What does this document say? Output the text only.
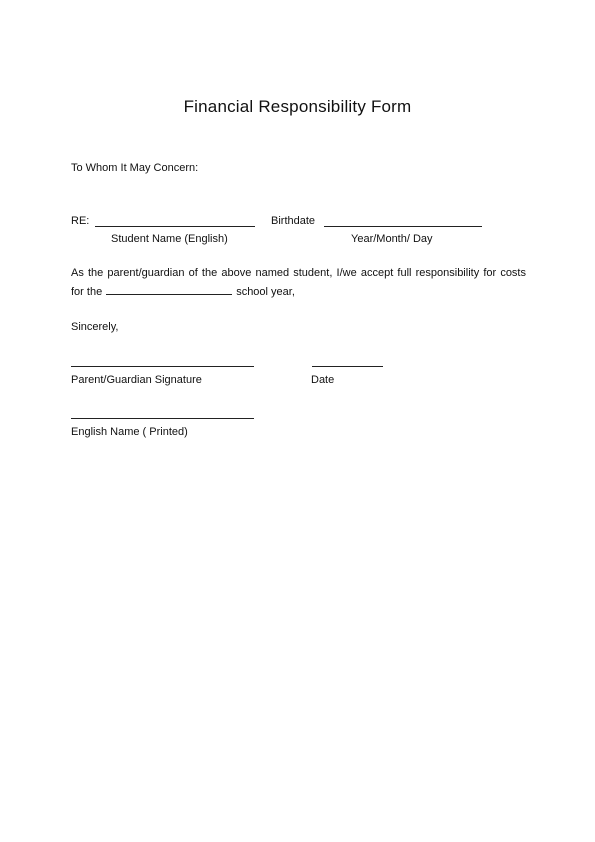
Financial Responsibility Form
To Whom It May Concern:
RE:	Birthdate
Student Name (English)	Year/Month/ Day
As the parent/guardian of the above named student, I/we accept full responsibility for costs for the	school year,
Sincerely,
Parent/Guardian Signature	Date
English Name ( Printed)
